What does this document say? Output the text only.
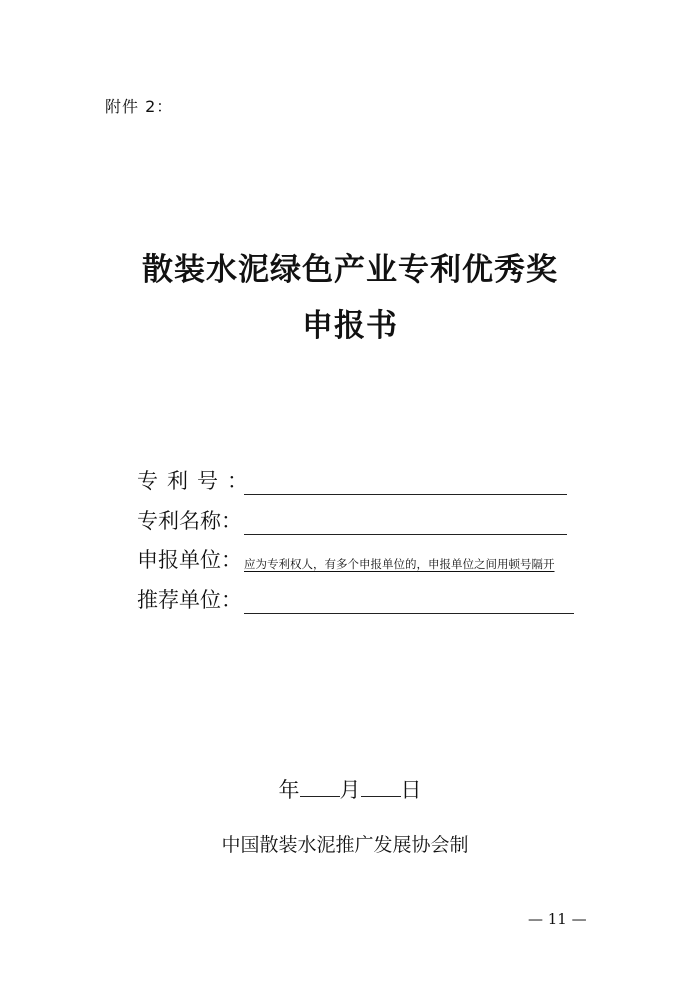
附件 2：
散装水泥绿色产业专利优秀奖
申报书
专利号：
专利名称：
申报单位： 应为专利权人，有多个申报单位的，申报单位之间用顿号隔开
推荐单位：
年 月 日
中国散装水泥推广发展协会制
— 11 —
